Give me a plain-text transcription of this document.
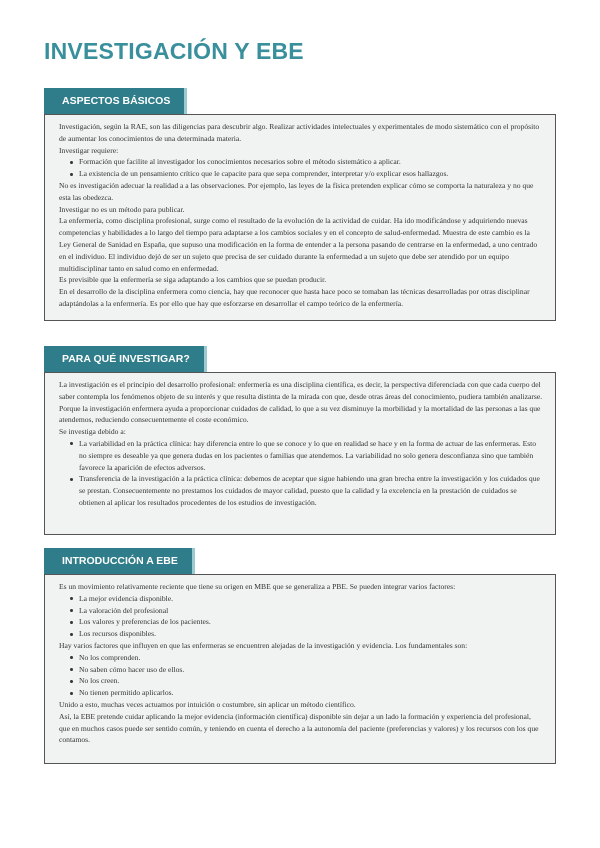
INVESTIGACIÓN Y EBE

Investigación, según la RAE, son las diligencias para descubrir algo. Realizar actividades intelectuales y experimentales de modo sistemático con el propósito de aumentar los conocimientos de una determinada materia.

Investigar requiere:

Formación que facilite al investigador los conocimientos necesarios sobre el método sistemático a aplicar.
La existencia de un pensamiento crítico que le capacite para que sepa comprender, interpretar y/o explicar esos hallazgos.

No es investigación adecuar la realidad a a las observaciones. Por ejemplo, las leyes de la física pretenden explicar cómo se comporta la naturaleza y no que esta las obedezca.

Investigar no es un método para publicar.

La enfermería, como disciplina profesional, surge como el resultado de la evolución de la actividad de cuidar. Ha ido modificándose y adquiriendo nuevas competencias y habilidades a lo largo del tiempo para adaptarse a los cambios sociales y en el concepto de salud-enfermedad. Muestra de este cambio es la Ley General de Sanidad en España, que supuso una modificación en la forma de entender a la persona pasando de centrarse en la enfermedad, a uno centrado en el individuo. El individuo dejó de ser un sujeto que precisa de ser cuidado durante la enfermedad a un sujeto que debe ser atendido por un equipo multidisciplinar tanto en salud como en enfermedad.

Es previsible que la enfermería se siga adaptando a los cambios que se puedan producir.

En el desarrollo de la disciplina enfermera como ciencia, hay que reconocer que hasta hace poco se tomaban las técnicas desarrolladas por otras disciplinar adaptándolas a la enfermería. Es por ello que hay que esforzarse en desarrollar el campo teórico de la enfermería.

ASPECTOS BÁSICOS

La investigación es el principio del desarrollo profesional: enfermería es una disciplina científica, es decir, la perspectiva diferenciada con que cada cuerpo del saber contempla los fenómenos objeto de su interés y que resulta distinta de la mirada con que, desde otras áreas del conocimiento, pudiera también analizarse.

Porque la investigación enfermera ayuda a proporcionar cuidados de calidad, lo que a su vez disminuye la morbilidad y la mortalidad de las personas a las que atendemos, reduciendo consecuentemente el coste económico.

Se investiga debido a:

La variabilidad en la práctica clínica: hay diferencia entre lo que se conoce y lo que en realidad se hace y en la forma de actuar de las enfermeras. Esto no siempre es deseable ya que genera dudas en los pacientes o familias que atendemos. La variabilidad no solo genera desconfianza sino que también favorece la aparición de efectos adversos.
Transferencia de la investigación a la práctica clínica: debemos de aceptar que sigue habiendo una gran brecha entre la investigación y los cuidados que se prestan. Consecuentemente no prestamos los cuidados de mayor calidad, puesto que la calidad y la excelencia en la prestación de cuidados se obtienen al aplicar los resultados procedentes de los estudios de investigación.
PARA QUÉ INVESTIGAR?

Es un movimiento relativamente reciente que tiene su origen en MBE que se generaliza a PBE. Se pueden integrar varios factores:

La mejor evidencia disponible.
La valoración del profesional
Los valores y preferencias de los pacientes.
Los recursos disponibles.

Hay varios factores que influyen en que las enfermeras se encuentren alejadas de la investigación y evidencia. Los fundamentales son:

No los comprenden.
No saben cómo hacer uso de ellos.
No los creen.
No tienen permitido aplicarlos.

Unido a esto, muchas veces actuamos por intuición o costumbre, sin aplicar un método científico.

Así, la EBE pretende cuidar aplicando la mejor evidencia (información científica) disponible sin dejar a un lado la formación y experiencia del profesional, que en muchos casos puede ser sentido común, y teniendo en cuenta el derecho a la autonomía del paciente (preferencias y valores) y los recursos con los que contamos.

INTRODUCCIÓN A EBE
